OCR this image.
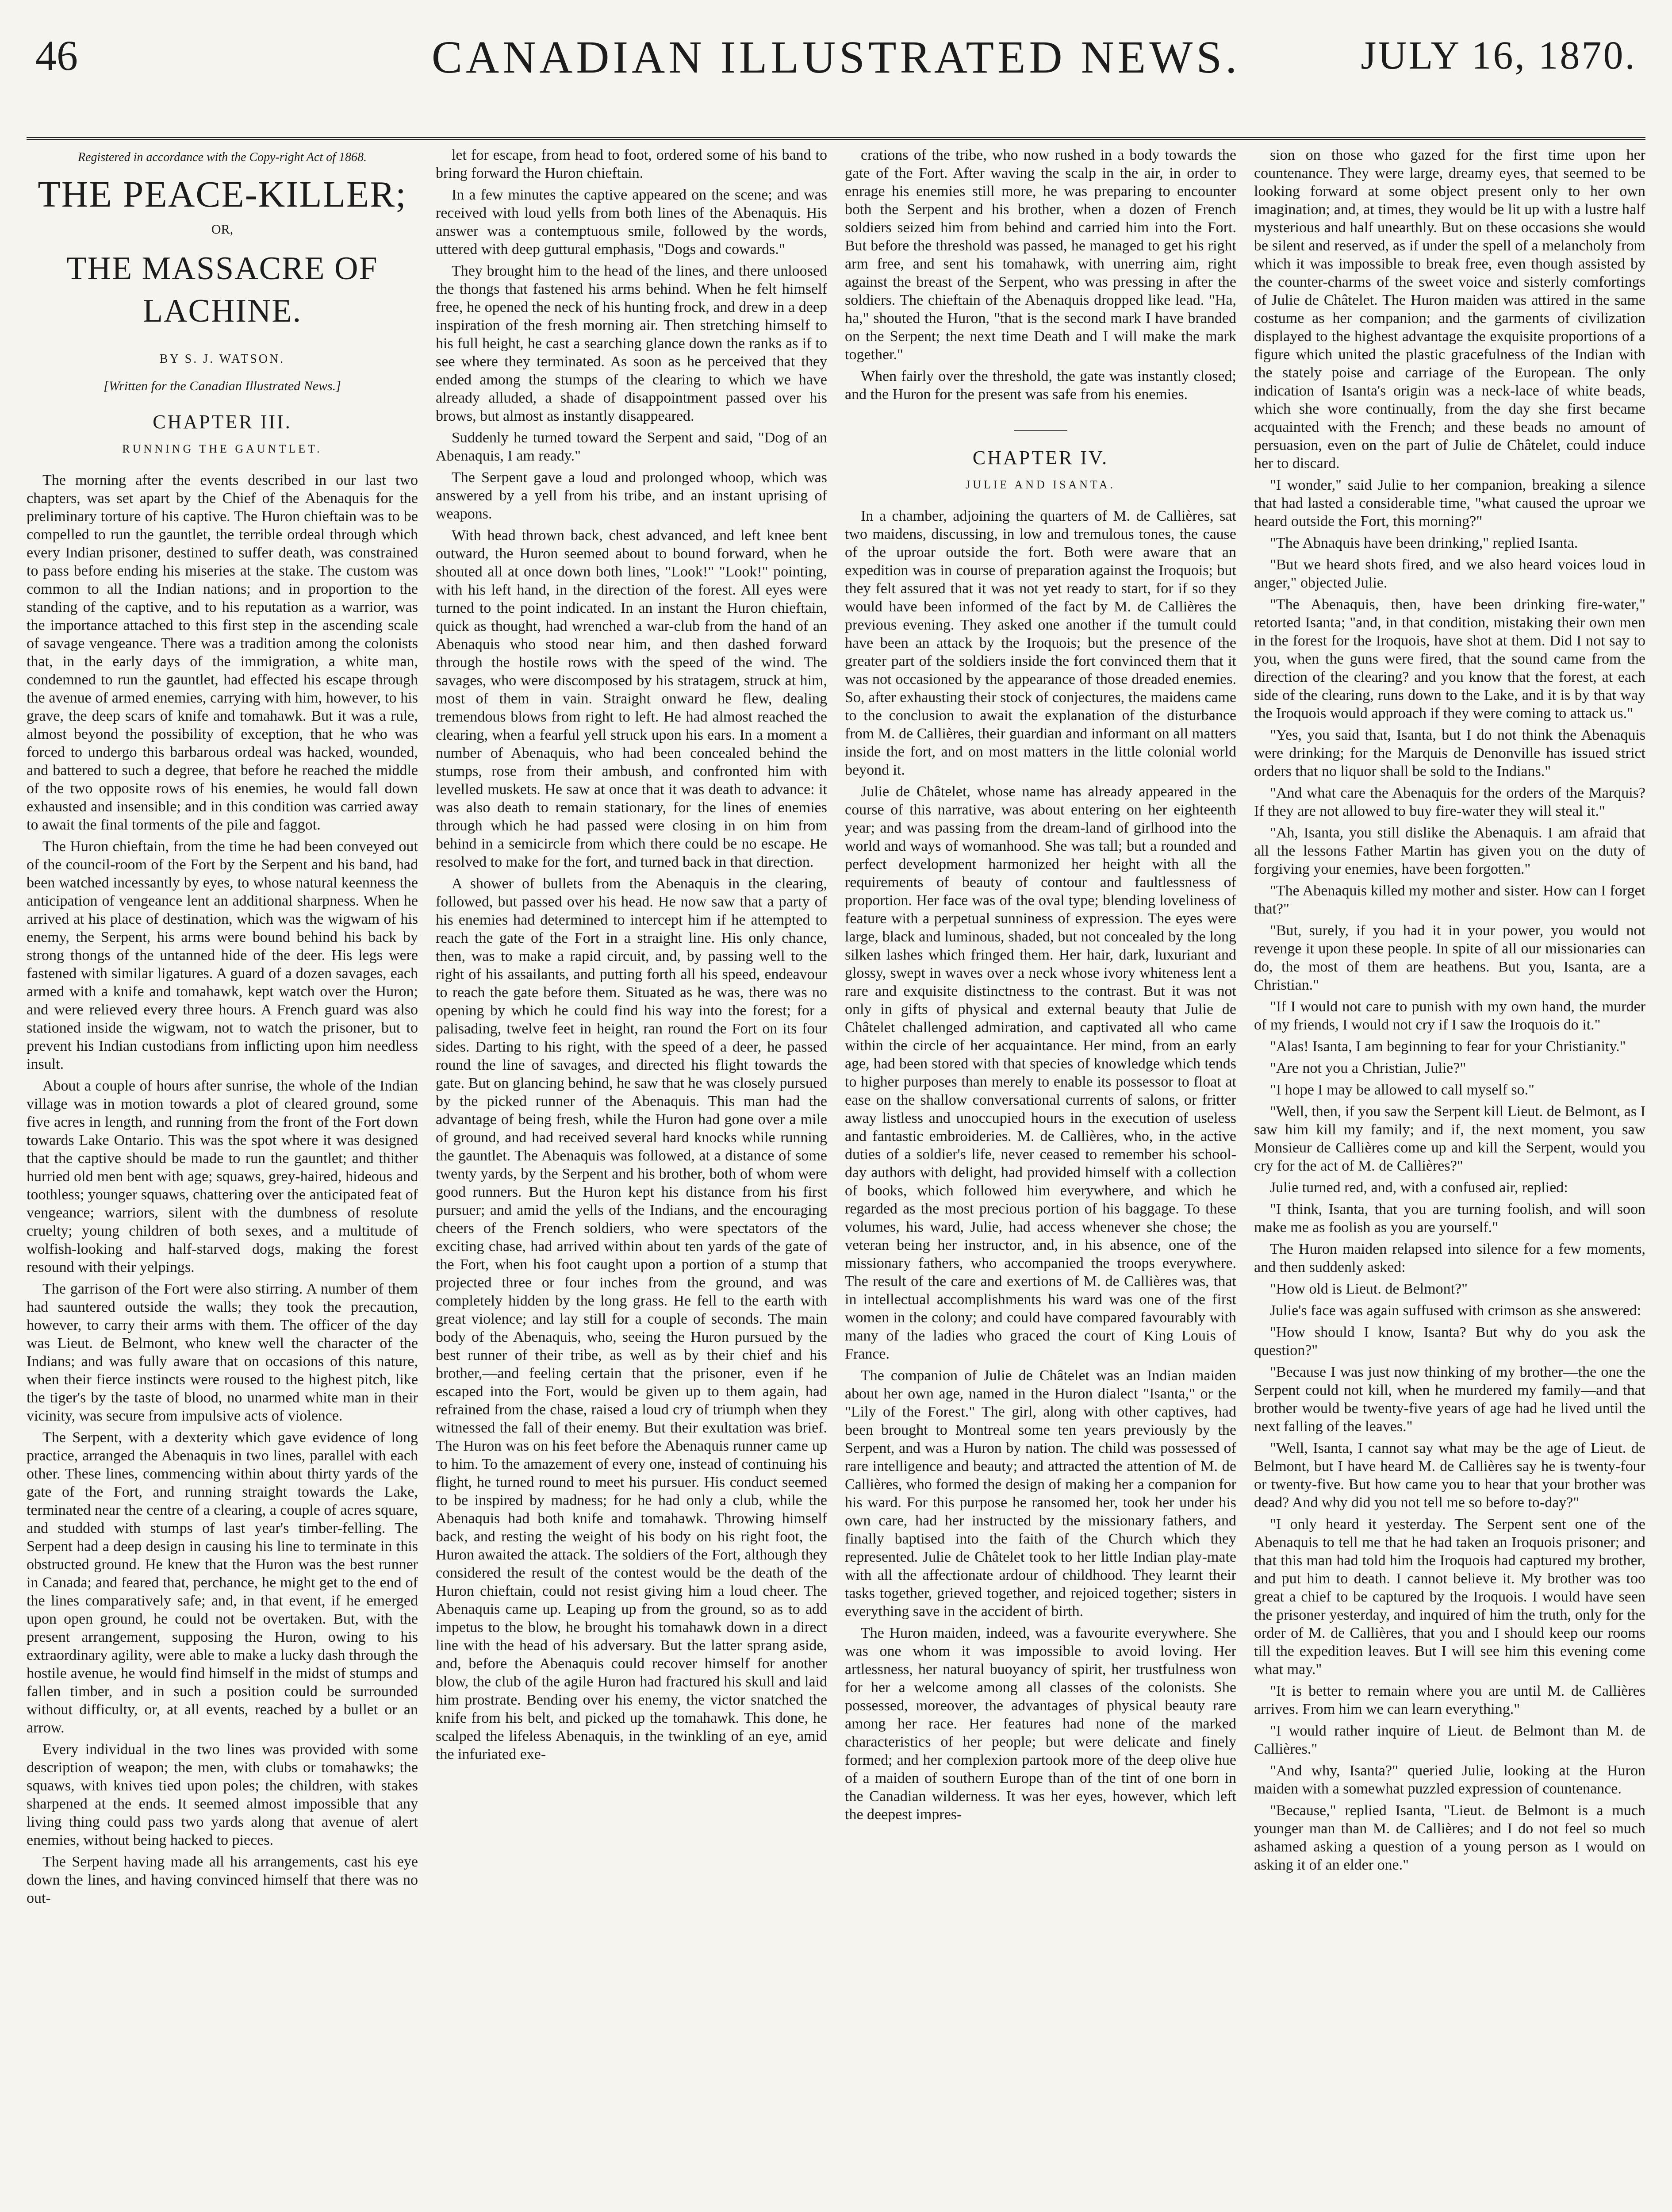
46	CANADIAN ILLUSTRATED NEWS.	JULY 16, 1870.
Registered in accordance with the Copy-right Act of 1868.
THE PEACE-KILLER;
OR,
THE MASSACRE OF LACHINE.
BY S. J. WATSON.
[Written for the Canadian Illustrated News.]
CHAPTER III.
RUNNING THE GAUNTLET.

The morning after the events described in our last two chapters, was set apart by the Chief of the Abenaquis for the preliminary torture of his captive. The Huron chieftain was to be compelled to run the gauntlet, the terrible ordeal through which every Indian prisoner, destined to suffer death, was constrained to pass before ending his miseries at the stake. The custom was common to all the Indian nations; and in proportion to the standing of the captive, and to his reputation as a warrior, was the importance attached to this first step in the ascending scale of savage vengeance. There was a tradition among the colonists that, in the early days of the immigration, a white man, condemned to run the gauntlet, had effected his escape through the avenue of armed enemies, carrying with him, however, to his grave, the deep scars of knife and tomahawk. But it was a rule, almost beyond the possibility of exception, that he who was forced to undergo this barbarous ordeal was hacked, wounded, and battered to such a degree, that before he reached the middle of the two opposite rows of his enemies, he would fall down exhausted and insensible; and in this condition was carried away to await the final torments of the pile and faggot.

The Huron chieftain, from the time he had been conveyed out of the council-room of the Fort by the Serpent and his band, had been watched incessantly by eyes, to whose natural keenness the anticipation of vengeance lent an additional sharpness. When he arrived at his place of destination, which was the wigwam of his enemy, the Serpent, his arms were bound behind his back by strong thongs of the untanned hide of the deer. His legs were fastened with similar ligatures. A guard of a dozen savages, each armed with a knife and tomahawk, kept watch over the Huron; and were relieved every three hours. A French guard was also stationed inside the wigwam, not to watch the prisoner, but to prevent his Indian custodians from inflicting upon him needless insult.

About a couple of hours after sunrise, the whole of the Indian village was in motion towards a plot of cleared ground, some five acres in length, and running from the front of the Fort down towards Lake Ontario. This was the spot where it was designed that the captive should be made to run the gauntlet; and thither hurried old men bent with age; squaws, grey-haired, hideous and toothless; younger squaws, chattering over the anticipated feat of vengeance; warriors, silent with the dumbness of resolute cruelty; young children of both sexes, and a multitude of wolfish-looking and half-starved dogs, making the forest resound with their yelpings.

The garrison of the Fort were also stirring. A number of them had sauntered outside the walls; they took the precaution, however, to carry their arms with them. The officer of the day was Lieut. de Belmont, who knew well the character of the Indians; and was fully aware that on occasions of this nature, when their fierce instincts were roused to the highest pitch, like the tiger's by the taste of blood, no unarmed white man in their vicinity, was secure from impulsive acts of violence.

The Serpent, with a dexterity which gave evidence of long practice, arranged the Abenaquis in two lines, parallel with each other. These lines, commencing within about thirty yards of the gate of the Fort, and running straight towards the Lake, terminated near the centre of a clearing, a couple of acres square, and studded with stumps of last year's timber-felling. The Serpent had a deep design in causing his line to terminate in this obstructed ground. He knew that the Huron was the best runner in Canada; and feared that, perchance, he might get to the end of the lines comparatively safe; and, in that event, if he emerged upon open ground, he could not be overtaken. But, with the present arrangement, supposing the Huron, owing to his extraordinary agility, were able to make a lucky dash through the hostile avenue, he would find himself in the midst of stumps and fallen timber, and in such a position could be surrounded without difficulty, or, at all events, reached by a bullet or an arrow.

Every individual in the two lines was provided with some description of weapon; the men, with clubs or tomahawks; the squaws, with knives tied upon poles; the children, with stakes sharpened at the ends. It seemed almost impossible that any living thing could pass two yards along that avenue of alert enemies, without being hacked to pieces.

The Serpent having made all his arrangements, cast his eye down the lines, and having convinced himself that there was no out-

let for escape, from head to foot, ordered some of his band to bring forward the Huron chieftain.

In a few minutes the captive appeared on the scene; and was received with loud yells from both lines of the Abenaquis. His answer was a contemptuous smile, followed by the words, uttered with deep guttural emphasis, "Dogs and cowards."

They brought him to the head of the lines, and there unloosed the thongs that fastened his arms behind. When he felt himself free, he opened the neck of his hunting frock, and drew in a deep inspiration of the fresh morning air. Then stretching himself to his full height, he cast a searching glance down the ranks as if to see where they terminated. As soon as he perceived that they ended among the stumps of the clearing to which we have already alluded, a shade of disappointment passed over his brows, but almost as instantly disappeared.

Suddenly he turned toward the Serpent and said, "Dog of an Abenaquis, I am ready."

The Serpent gave a loud and prolonged whoop, which was answered by a yell from his tribe, and an instant uprising of weapons.

With head thrown back, chest advanced, and left knee bent outward, the Huron seemed about to bound forward, when he shouted all at once down both lines, "Look!" "Look!" pointing, with his left hand, in the direction of the forest. All eyes were turned to the point indicated. In an instant the Huron chieftain, quick as thought, had wrenched a war-club from the hand of an Abenaquis who stood near him, and then dashed forward through the hostile rows with the speed of the wind. The savages, who were discomposed by his stratagem, struck at him, most of them in vain. Straight onward he flew, dealing tremendous blows from right to left. He had almost reached the clearing, when a fearful yell struck upon his ears. In a moment a number of Abenaquis, who had been concealed behind the stumps, rose from their ambush, and confronted him with levelled muskets. He saw at once that it was death to advance: it was also death to remain stationary, for the lines of enemies through which he had passed were closing in on him from behind in a semicircle from which there could be no escape. He resolved to make for the fort, and turned back in that direction.

A shower of bullets from the Abenaquis in the clearing, followed, but passed over his head. He now saw that a party of his enemies had determined to intercept him if he attempted to reach the gate of the Fort in a straight line. His only chance, then, was to make a rapid circuit, and, by passing well to the right of his assailants, and putting forth all his speed, endeavour to reach the gate before them. Situated as he was, there was no opening by which he could find his way into the forest; for a palisading, twelve feet in height, ran round the Fort on its four sides. Darting to his right, with the speed of a deer, he passed round the line of savages, and directed his flight towards the gate. But on glancing behind, he saw that he was closely pursued by the picked runner of the Abenaquis. This man had the advantage of being fresh, while the Huron had gone over a mile of ground, and had received several hard knocks while running the gauntlet. The Abenaquis was followed, at a distance of some twenty yards, by the Serpent and his brother, both of whom were good runners. But the Huron kept his distance from his first pursuer; and amid the yells of the Indians, and the encouraging cheers of the French soldiers, who were spectators of the exciting chase, had arrived within about ten yards of the gate of the Fort, when his foot caught upon a portion of a stump that projected three or four inches from the ground, and was completely hidden by the long grass. He fell to the earth with great violence; and lay still for a couple of seconds. The main body of the Abenaquis, who, seeing the Huron pursued by the best runner of their tribe, as well as by their chief and his brother,—and feeling certain that the prisoner, even if he escaped into the Fort, would be given up to them again, had refrained from the chase, raised a loud cry of triumph when they witnessed the fall of their enemy. But their exultation was brief. The Huron was on his feet before the Abenaquis runner came up to him. To the amazement of every one, instead of continuing his flight, he turned round to meet his pursuer. His conduct seemed to be inspired by madness; for he had only a club, while the Abenaquis had both knife and tomahawk. Throwing himself back, and resting the weight of his body on his right foot, the Huron awaited the attack. The soldiers of the Fort, although they considered the result of the contest would be the death of the Huron chieftain, could not resist giving him a loud cheer. The Abenaquis came up. Leaping up from the ground, so as to add impetus to the blow, he brought his tomahawk down in a direct line with the head of his adversary. But the latter sprang aside, and, before the Abenaquis could recover himself for another blow, the club of the agile Huron had fractured his skull and laid him prostrate. Bending over his enemy, the victor snatched the knife from his belt, and picked up the tomahawk. This done, he scalped the lifeless Abenaquis, in the twinkling of an eye, amid the infuriated exe-

crations of the tribe, who now rushed in a body towards the gate of the Fort. After waving the scalp in the air, in order to enrage his enemies still more, he was preparing to encounter both the Serpent and his brother, when a dozen of French soldiers seized him from behind and carried him into the Fort. But before the threshold was passed, he managed to get his right arm free, and sent his tomahawk, with unerring aim, right against the breast of the Serpent, who was pressing in after the soldiers. The chieftain of the Abenaquis dropped like lead. "Ha, ha," shouted the Huron, "that is the second mark I have branded on the Serpent; the next time Death and I will make the mark together."

When fairly over the threshold, the gate was instantly closed; and the Huron for the present was safe from his enemies.

CHAPTER IV.
JULIE AND ISANTA.

In a chamber, adjoining the quarters of M. de Callières, sat two maidens, discussing, in low and tremulous tones, the cause of the uproar outside the fort. Both were aware that an expedition was in course of preparation against the Iroquois; but they felt assured that it was not yet ready to start, for if so they would have been informed of the fact by M. de Callières the previous evening. They asked one another if the tumult could have been an attack by the Iroquois; but the presence of the greater part of the soldiers inside the fort convinced them that it was not occasioned by the appearance of those dreaded enemies. So, after exhausting their stock of conjectures, the maidens came to the conclusion to await the explanation of the disturbance from M. de Callières, their guardian and informant on all matters inside the fort, and on most matters in the little colonial world beyond it.

Julie de Châtelet, whose name has already appeared in the course of this narrative, was about entering on her eighteenth year; and was passing from the dream-land of girlhood into the world and ways of womanhood. She was tall; but a rounded and perfect development harmonized her height with all the requirements of beauty of contour and faultlessness of proportion. Her face was of the oval type; blending loveliness of feature with a perpetual sunniness of expression. The eyes were large, black and luminous, shaded, but not concealed by the long silken lashes which fringed them. Her hair, dark, luxuriant and glossy, swept in waves over a neck whose ivory whiteness lent a rare and exquisite distinctness to the contrast. But it was not only in gifts of physical and external beauty that Julie de Châtelet challenged admiration, and captivated all who came within the circle of her acquaintance. Her mind, from an early age, had been stored with that species of knowledge which tends to higher purposes than merely to enable its possessor to float at ease on the shallow conversational currents of salons, or fritter away listless and unoccupied hours in the execution of useless and fantastic embroideries. M. de Callières, who, in the active duties of a soldier's life, never ceased to remember his school-day authors with delight, had provided himself with a collection of books, which followed him everywhere, and which he regarded as the most precious portion of his baggage. To these volumes, his ward, Julie, had access whenever she chose; the veteran being her instructor, and, in his absence, one of the missionary fathers, who accompanied the troops everywhere. The result of the care and exertions of M. de Callières was, that in intellectual accomplishments his ward was one of the first women in the colony; and could have compared favourably with many of the ladies who graced the court of King Louis of France.

The companion of Julie de Châtelet was an Indian maiden about her own age, named in the Huron dialect "Isanta," or the "Lily of the Forest." The girl, along with other captives, had been brought to Montreal some ten years previously by the Serpent, and was a Huron by nation. The child was possessed of rare intelligence and beauty; and attracted the attention of M. de Callières, who formed the design of making her a companion for his ward. For this purpose he ransomed her, took her under his own care, had her instructed by the missionary fathers, and finally baptised into the faith of the Church which they represented. Julie de Châtelet took to her little Indian play-mate with all the affectionate ardour of childhood. They learnt their tasks together, grieved together, and rejoiced together; sisters in everything save in the accident of birth.

The Huron maiden, indeed, was a favourite everywhere. She was one whom it was impossible to avoid loving. Her artlessness, her natural buoyancy of spirit, her trustfulness won for her a welcome among all classes of the colonists. She possessed, moreover, the advantages of physical beauty rare among her race. Her features had none of the marked characteristics of her people; but were delicate and finely formed; and her complexion partook more of the deep olive hue of a maiden of southern Europe than of the tint of one born in the Canadian wilderness. It was her eyes, however, which left the deepest impres-

sion on those who gazed for the first time upon her countenance. They were large, dreamy eyes, that seemed to be looking forward at some object present only to her own imagination; and, at times, they would be lit up with a lustre half mysterious and half unearthly. But on these occasions she would be silent and reserved, as if under the spell of a melancholy from which it was impossible to break free, even though assisted by the counter-charms of the sweet voice and sisterly comfortings of Julie de Châtelet. The Huron maiden was attired in the same costume as her companion; and the garments of civilization displayed to the highest advantage the exquisite proportions of a figure which united the plastic gracefulness of the Indian with the stately poise and carriage of the European. The only indication of Isanta's origin was a neck-lace of white beads, which she wore continually, from the day she first became acquainted with the French; and these beads no amount of persuasion, even on the part of Julie de Châtelet, could induce her to discard.

"I wonder," said Julie to her companion, breaking a silence that had lasted a considerable time, "what caused the uproar we heard outside the Fort, this morning?"

"The Abnaquis have been drinking," replied Isanta.

"But we heard shots fired, and we also heard voices loud in anger," objected Julie.

"The Abenaquis, then, have been drinking fire-water," retorted Isanta; "and, in that condition, mistaking their own men in the forest for the Iroquois, have shot at them. Did I not say to you, when the guns were fired, that the sound came from the direction of the clearing? and you know that the forest, at each side of the clearing, runs down to the Lake, and it is by that way the Iroquois would approach if they were coming to attack us."

"Yes, you said that, Isanta, but I do not think the Abenaquis were drinking; for the Marquis de Denonville has issued strict orders that no liquor shall be sold to the Indians."

"And what care the Abenaquis for the orders of the Marquis? If they are not allowed to buy fire-water they will steal it."

"Ah, Isanta, you still dislike the Abenaquis. I am afraid that all the lessons Father Martin has given you on the duty of forgiving your enemies, have been forgotten."

"The Abenaquis killed my mother and sister. How can I forget that?"

"But, surely, if you had it in your power, you would not revenge it upon these people. In spite of all our missionaries can do, the most of them are heathens. But you, Isanta, are a Christian."

"If I would not care to punish with my own hand, the murder of my friends, I would not cry if I saw the Iroquois do it."

"Alas! Isanta, I am beginning to fear for your Christianity."

"Are not you a Christian, Julie?"

"I hope I may be allowed to call myself so."

"Well, then, if you saw the Serpent kill Lieut. de Belmont, as I saw him kill my family; and if, the next moment, you saw Monsieur de Callières come up and kill the Serpent, would you cry for the act of M. de Callières?"

Julie turned red, and, with a confused air, replied:

"I think, Isanta, that you are turning foolish, and will soon make me as foolish as you are yourself."

The Huron maiden relapsed into silence for a few moments, and then suddenly asked:

"How old is Lieut. de Belmont?"

Julie's face was again suffused with crimson as she answered:

"How should I know, Isanta? But why do you ask the question?"

"Because I was just now thinking of my brother—the one the Serpent could not kill, when he murdered my family—and that brother would be twenty-five years of age had he lived until the next falling of the leaves."

"Well, Isanta, I cannot say what may be the age of Lieut. de Belmont, but I have heard M. de Callières say he is twenty-four or twenty-five. But how came you to hear that your brother was dead? And why did you not tell me so before to-day?"

"I only heard it yesterday. The Serpent sent one of the Abenaquis to tell me that he had taken an Iroquois prisoner; and that this man had told him the Iroquois had captured my brother, and put him to death. I cannot believe it. My brother was too great a chief to be captured by the Iroquois. I would have seen the prisoner yesterday, and inquired of him the truth, only for the order of M. de Callières, that you and I should keep our rooms till the expedition leaves. But I will see him this evening come what may."

"It is better to remain where you are until M. de Callières arrives. From him we can learn everything."

"I would rather inquire of Lieut. de Belmont than M. de Callières."

"And why, Isanta?" queried Julie, looking at the Huron maiden with a somewhat puzzled expression of countenance.

"Because," replied Isanta, "Lieut. de Belmont is a much younger man than M. de Callières; and I do not feel so much ashamed asking a question of a young person as I would on asking it of an elder one."
